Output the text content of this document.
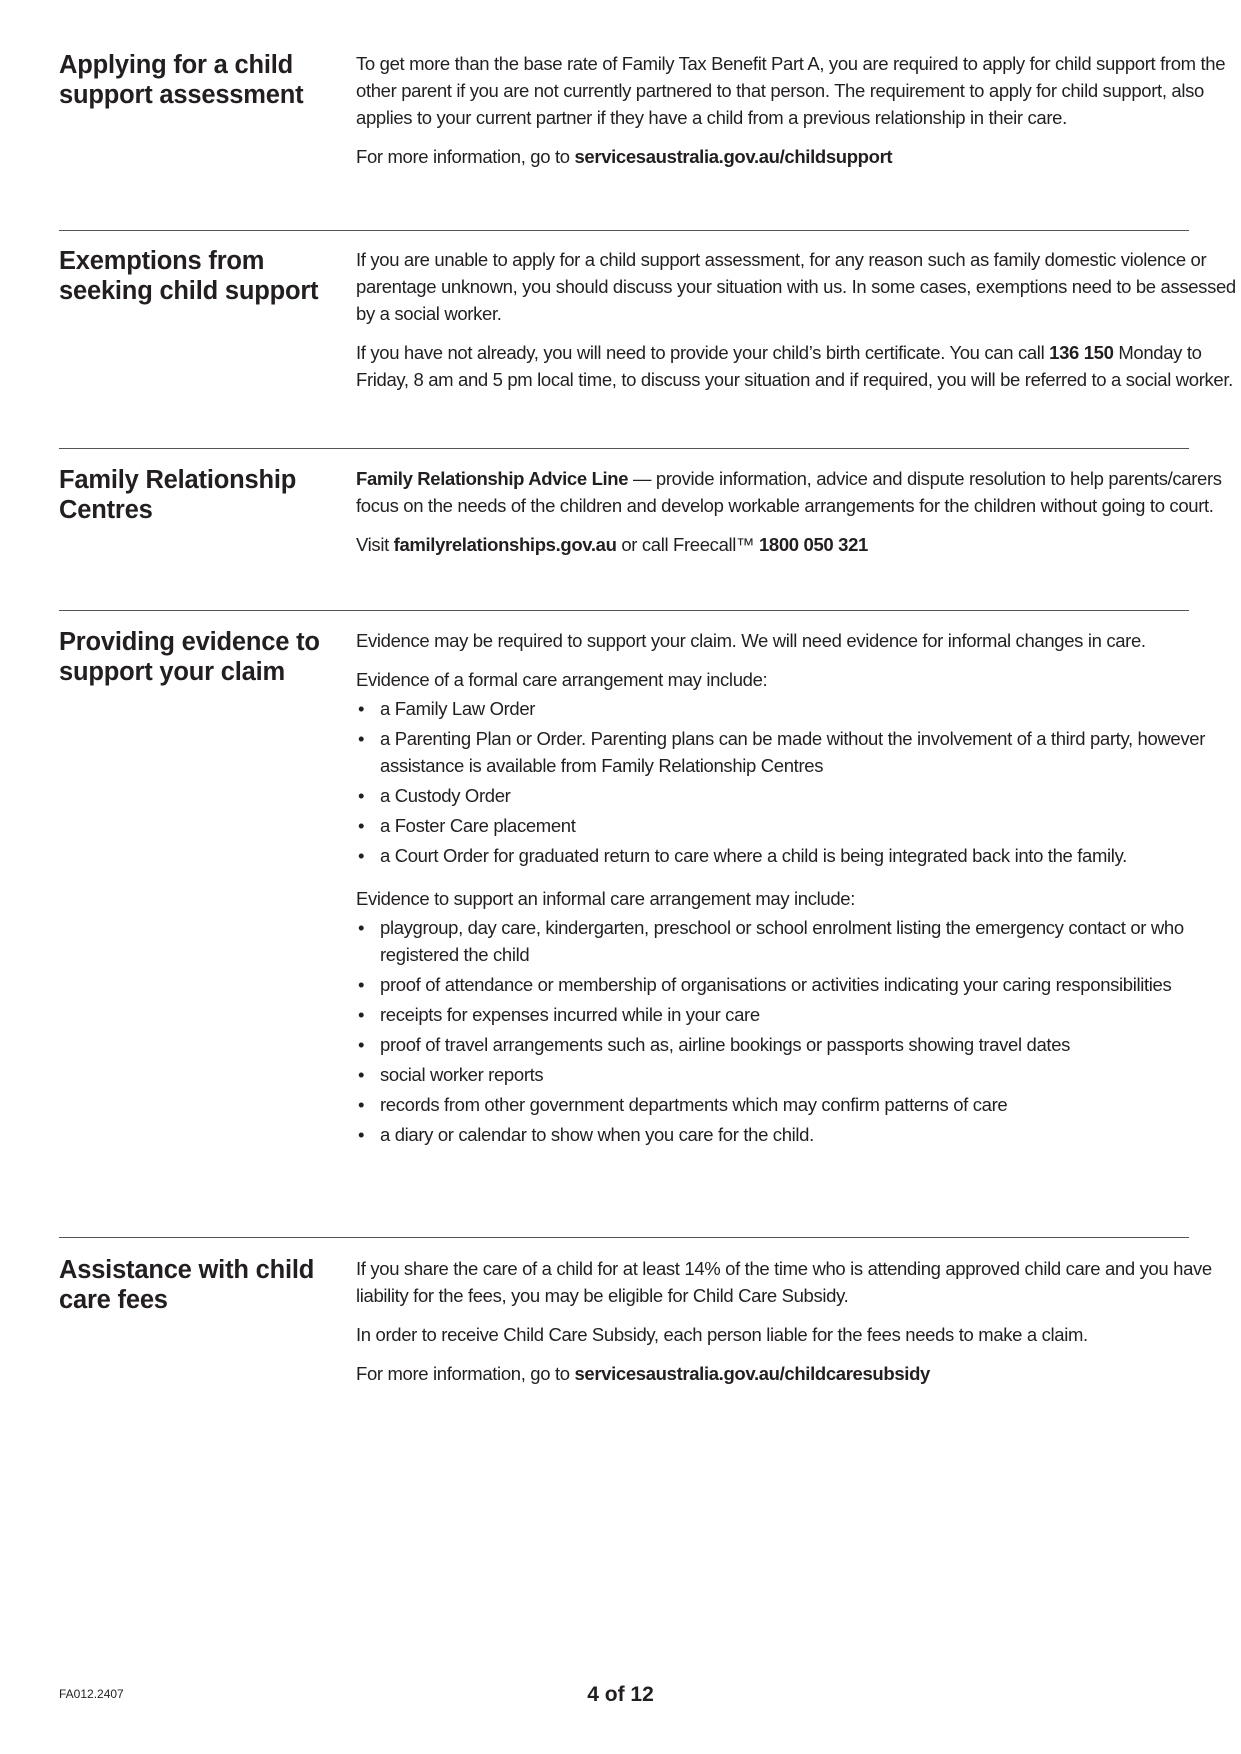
Applying for a child support assessment

To get more than the base rate of Family Tax Benefit Part A, you are required to apply for child support from the other parent if you are not currently partnered to that person. The requirement to apply for child support, also applies to your current partner if they have a child from a previous relationship in their care.

For more information, go to servicesaustralia.gov.au/childsupport

Exemptions from seeking child support

If you are unable to apply for a child support assessment, for any reason such as family domestic violence or parentage unknown, you should discuss your situation with us. In some cases, exemptions need to be assessed by a social worker.

If you have not already, you will need to provide your child’s birth certificate. You can call 136 150 Monday to Friday, 8 am and 5 pm local time, to discuss your situation and if required, you will be referred to a social worker.

Family Relationship Centres

Family Relationship Advice Line — provide information, advice and dispute resolution to help parents/carers focus on the needs of the children and develop workable arrangements for the children without going to court.

Visit familyrelationships.gov.au or call Freecall™ 1800 050 321

Providing evidence to support your claim

Evidence may be required to support your claim. We will need evidence for informal changes in care.

Evidence of a formal care arrangement may include:

• a Family Law Order
• a Parenting Plan or Order. Parenting plans can be made without the involvement of a third party, however assistance is available from Family Relationship Centres
• a Custody Order
• a Foster Care placement
• a Court Order for graduated return to care where a child is being integrated back into the family.

Evidence to support an informal care arrangement may include:

• playgroup, day care, kindergarten, preschool or school enrolment listing the emergency contact or who registered the child
• proof of attendance or membership of organisations or activities indicating your caring responsibilities
• receipts for expenses incurred while in your care
• proof of travel arrangements such as, airline bookings or passports showing travel dates
• social worker reports
• records from other government departments which may confirm patterns of care
• a diary or calendar to show when you care for the child.
Assistance with child care fees

If you share the care of a child for at least 14% of the time who is attending approved child care and you have liability for the fees, you may be eligible for Child Care Subsidy.

In order to receive Child Care Subsidy, each person liable for the fees needs to make a claim.

For more information, go to servicesaustralia.gov.au/childcaresubsidy

FA012.2407	4 of 12
